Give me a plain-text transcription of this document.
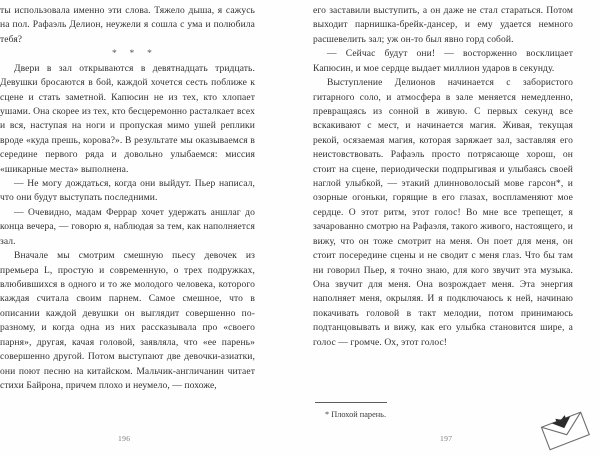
ты использовала именно эти слова. Тяжело дыша, я сажусь на пол. Рафаэль Делион, неужели я сошла с ума и полюбила тебя?

* * *

Двери в зал открываются в девятнадцать тридцать. Девушки бросаются в бой, каждой хочется сесть поближе к сцене и стать заметной. Капюсин не из тех, кто хлопает ушами. Она скорее из тех, кто бесцеремонно расталкает всех и вся, наступая на ноги и пропуская мимо ушей реплики вроде «куда прешь, корова?». В результате мы оказываемся в середине первого ряда и довольно улыбаемся: миссия «шикарные места» выполнена.

— Не могу дождаться, когда они выйдут. Пьер написал, что они будут выступать последними.

— Очевидно, мадам Феррар хочет удержать аншлаг до конца вечера, — говорю я, наблюдая за тем, как наполняется зал.

Вначале мы смотрим смешную пьесу девочек из премьера L, простую и современную, о трех подружках, влюбившихся в одного и то же молодого человека, которого каждая считала своим парнем. Самое смешное, что в описании каждой девушки он выглядит совершенно по-разному, и когда одна из них рассказывала про «своего парня», другая, качая головой, заявляла, что «ее парень» совершенно другой. Потом выступают две девочки-азиатки, они поют песню на китайском. Мальчик-англичанин читает стихи Байрона, причем плохо и неумело, — похоже,

196

его заставили выступить, а он даже не стал стараться. Потом выходит парнишка-брейк-дансер, и ему удается немного расшевелить зал; уж он-то был явно горд собой.

— Сейчас будут они! — восторженно восклицает Капюсин, и мое сердце выдает миллион ударов в секунду.

Выступление Делионов начинается с забористого гитарного соло, и атмосфера в зале меняется немедленно, превращаясь из сонной в живую. С первых секунд все вскакивают с мест, и начинается магия. Живая, текущая рекой, осязаемая магия, которая заряжает зал, заставляя его неистовствовать. Рафаэль просто потрясающе хорош, он стоит на сцене, периодически подпрыгивая и улыбаясь своей наглой улыбкой, — этакий длинноволосый мове гарсон*, и озорные огоньки, горящие в его глазах, воспламеняют мое сердце. О этот ритм, этот голос! Во мне все трепещет, я зачарованно смотрю на Рафаэля, такого живого, настоящего, и вижу, что он тоже смотрит на меня. Он поет для меня, он стоит посередине сцены и не сводит с меня глаз. Что бы там ни говорил Пьер, я точно знаю, для кого звучит эта музыка. Она звучит для меня. Она возрождает меня. Эта энергия наполняет меня, окрыляя. И я подключаюсь к ней, начинаю покачивать головой в такт мелодии, потом принимаюсь подтанцовывать и вижу, как его улыбка становится шире, а голос — громче. Ох, этот голос!

* Плохой парень.
197
